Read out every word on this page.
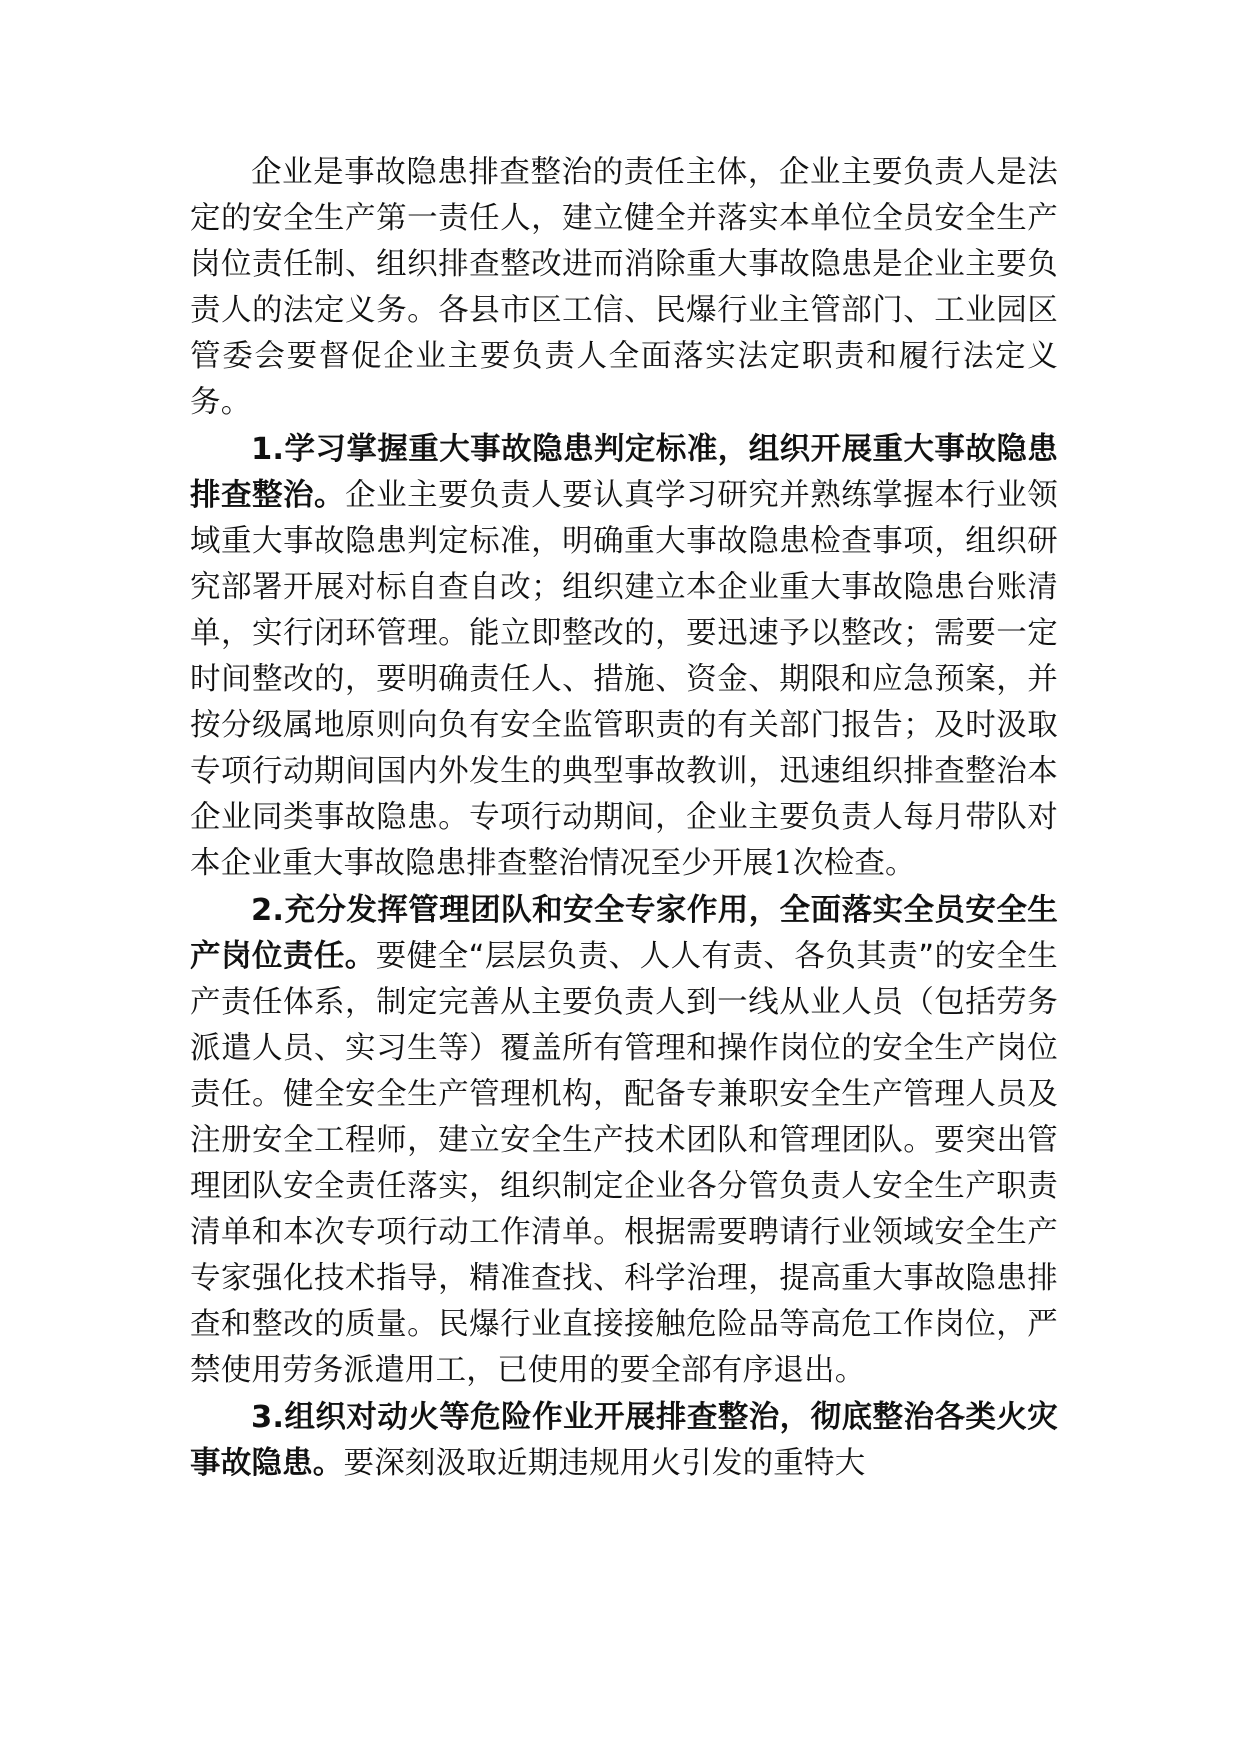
企业是事故隐患排查整治的责任主体，企业主要负责人是法定的安全生产第一责任人，建立健全并落实本单位全员安全生产岗位责任制、组织排查整改进而消除重大事故隐患是企业主要负责人的法定义务。各县市区工信、民爆行业主管部门、工业园区管委会要督促企业主要负责人全面落实法定职责和履行法定义务。

1.学习掌握重大事故隐患判定标准，组织开展重大事故隐患排查整治。企业主要负责人要认真学习研究并熟练掌握本行业领域重大事故隐患判定标准，明确重大事故隐患检查事项，组织研究部署开展对标自查自改；组织建立本企业重大事故隐患台账清单，实行闭环管理。能立即整改的，要迅速予以整改；需要一定时间整改的，要明确责任人、措施、资金、期限和应急预案，并按分级属地原则向负有安全监管职责的有关部门报告；及时汲取专项行动期间国内外发生的典型事故教训，迅速组织排查整治本企业同类事故隐患。专项行动期间，企业主要负责人每月带队对本企业重大事故隐患排查整治情况至少开展1次检查。

2.充分发挥管理团队和安全专家作用，全面落实全员安全生产岗位责任。要健全“层层负责、人人有责、各负其责”的安全生产责任体系，制定完善从主要负责人到一线从业人员（包括劳务派遣人员、实习生等）覆盖所有管理和操作岗位的安全生产岗位责任。健全安全生产管理机构，配备专兼职安全生产管理人员及注册安全工程师，建立安全生产技术团队和管理团队。要突出管理团队安全责任落实，组织制定企业各分管负责人安全生产职责清单和本次专项行动工作清单。根据需要聘请行业领域安全生产专家强化技术指导，精准查找、科学治理，提高重大事故隐患排查和整改的质量。民爆行业直接接触危险品等高危工作岗位，严禁使用劳务派遣用工，已使用的要全部有序退出。

3.组织对动火等危险作业开展排查整治，彻底整治各类火灾事故隐患。要深刻汲取近期违规用火引发的重特大
